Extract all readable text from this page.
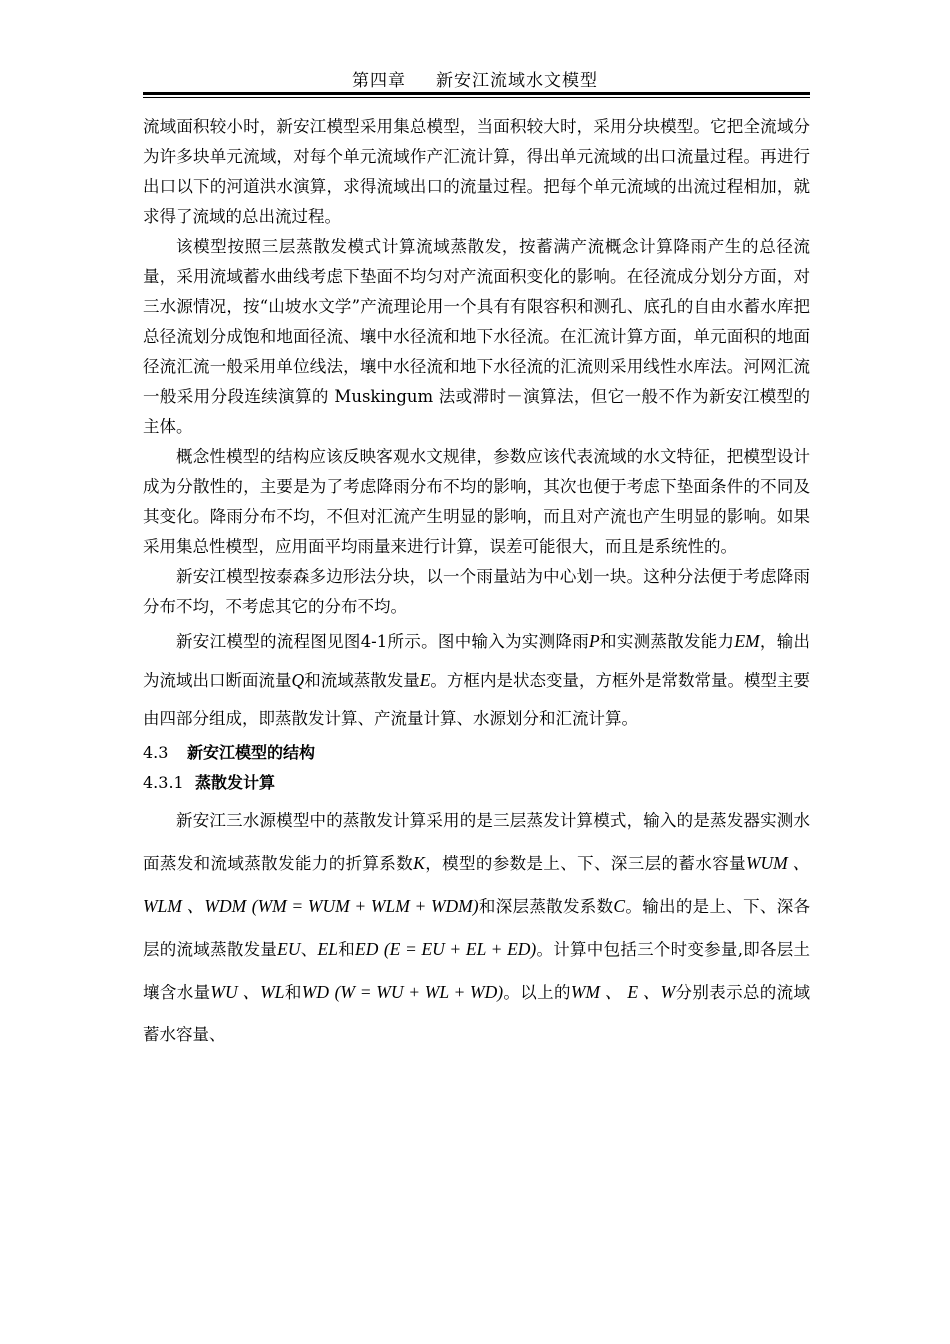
第四章 新安江流域水文模型

流域面积较小时，新安江模型采用集总模型，当面积较大时，采用分块模型。它把全流域分为许多块单元流域，对每个单元流域作产汇流计算，得出单元流域的出口流量过程。再进行出口以下的河道洪水演算，求得流域出口的流量过程。把每个单元流域的出流过程相加，就求得了流域的总出流过程。

该模型按照三层蒸散发模式计算流域蒸散发，按蓄满产流概念计算降雨产生的总径流量，采用流域蓄水曲线考虑下垫面不均匀对产流面积变化的影响。在径流成分划分方面，对三水源情况，按“山坡水文学”产流理论用一个具有有限容积和测孔、底孔的自由水蓄水库把总径流划分成饱和地面径流、壤中水径流和地下水径流。在汇流计算方面，单元面积的地面径流汇流一般采用单位线法，壤中水径流和地下水径流的汇流则采用线性水库法。河网汇流一般采用分段连续演算的 Muskingum 法或滞时－演算法，但它一般不作为新安江模型的主体。

概念性模型的结构应该反映客观水文规律，参数应该代表流域的水文特征，把模型设计成为分散性的，主要是为了考虑降雨分布不均的影响，其次也便于考虑下垫面条件的不同及其变化。降雨分布不均，不但对汇流产生明显的影响，而且对产流也产生明显的影响。如果采用集总性模型，应用面平均雨量来进行计算，误差可能很大，而且是系统性的。

新安江模型按泰森多边形法分块，以一个雨量站为中心划一块。这种分法便于考虑降雨分布不均，不考虑其它的分布不均。

新安江模型的流程图见图4-1所示。图中输入为实测降雨P和实测蒸散发能力EM，输出为流域出口断面流量Q和流域蒸散发量E。方框内是状态变量，方框外是常数常量。模型主要由四部分组成，即蒸散发计算、产流量计算、水源划分和汇流计算。

4.3 新安江模型的结构
4.3.1 蒸散发计算

新安江三水源模型中的蒸散发计算采用的是三层蒸发计算模式，输入的是蒸发器实测水面蒸发和流域蒸散发能力的折算系数K，模型的参数是上、下、深三层的蓄水容量WUM 、WLM 、WDM (WM = WUM + WLM + WDM)和深层蒸散发系数C。输出的是上、下、深各层的流域蒸散发量EU、EL和ED (E = EU + EL + ED)。计算中包括三个时变参量,即各层土壤含水量WU 、WL和WD (W = WU + WL + WD)。以上的WM 、 E 、W分别表示总的流域蓄水容量、
